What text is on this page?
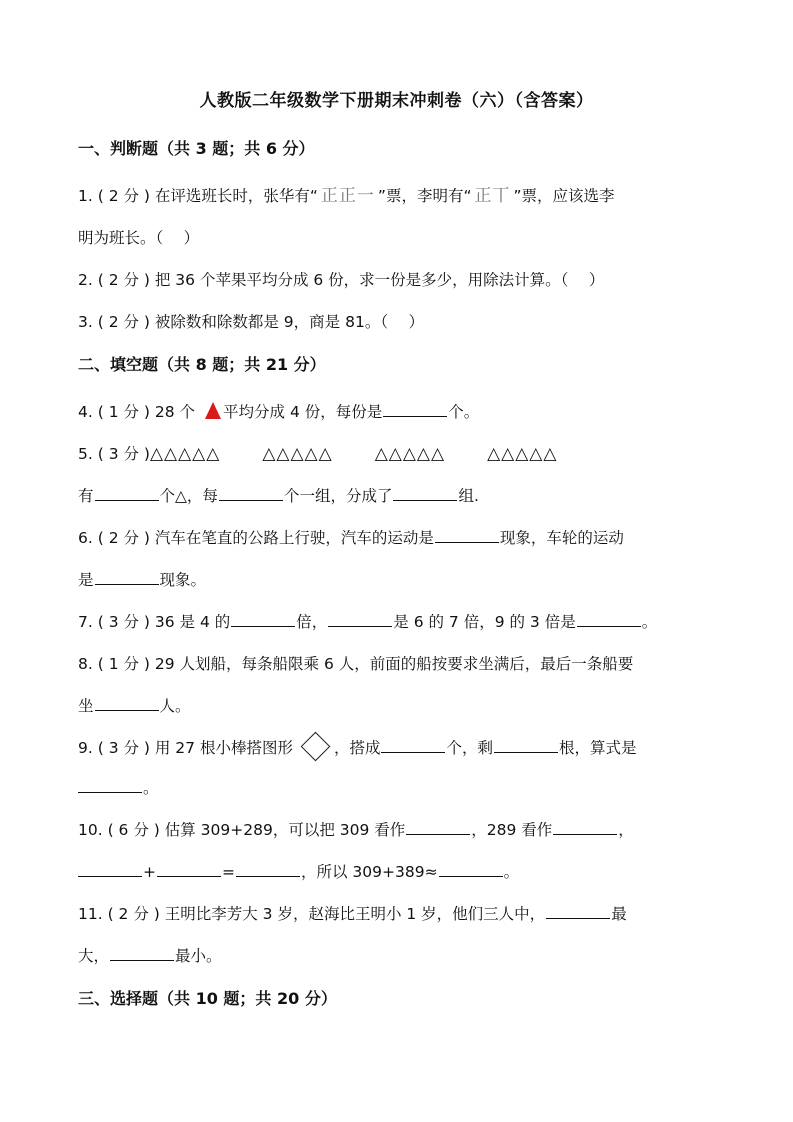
人教版二年级数学下册期末冲刺卷（六）（含答案）
一、判断题（共 3 题；共 6 分）
1. ( 2 分 ) 在评选班长时，张华有“ 正正一 ”票，李明有“ 正丅 ”票，应该选李
明为班长。（　 ）
2. ( 2 分 ) 把 36 个苹果平均分成 6 份，求一份是多少，用除法计算。（　 ）
3. ( 2 分 ) 被除数和除数都是 9，商是 81。（　 ）
二、填空题（共 8 题；共 21 分）
4. ( 1 分 ) 28 个 平均分成 4 份，每份是	个。
5. ( 3 分 )△△△△△ △△△△△ △△△△△ △△△△△
有	个△，每	个一组，分成了	组.
6. ( 2 分 ) 汽车在笔直的公路上行驶，汽车的运动是	现象，车轮的运动
是	现象。
7. ( 3 分 ) 36 是 4 的	倍，	是 6 的 7 倍，9 的 3 倍是	。
8. ( 1 分 ) 29 人划船，每条船限乘 6 人，前面的船按要求坐满后，最后一条船要
坐	人。
9. ( 3 分 ) 用 27 根小棒搭图形	，搭成	个，剩	根，算式是
。
10. ( 6 分 ) 估算 309+289，可以把 309 看作	，289 看作	，
+	=	，所以 309+389≈	。
11. ( 2 分 ) 王明比李芳大 3 岁，赵海比王明小 1 岁，他们三人中，	最
大，	最小。
三、选择题（共 10 题；共 20 分）
